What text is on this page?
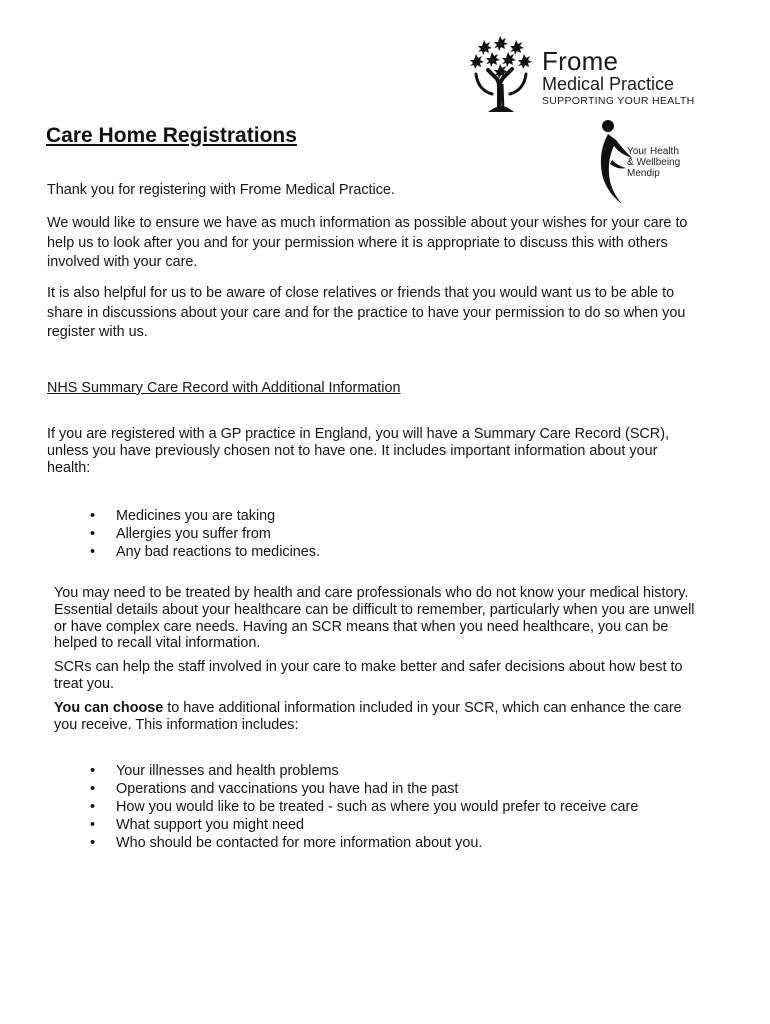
Frome
Medical Practice
SUPPORTING YOUR HEALTH
Your Health
& Wellbeing
Mendip
Care Home Registrations

Thank you for registering with Frome Medical Practice.

We would like to ensure we have as much information as possible about your wishes for your care to help us to look after you and for your permission where it is appropriate to discuss this with others involved with your care.

It is also helpful for us to be aware of close relatives or friends that you would want us to be able to share in discussions about your care and for the practice to have your permission to do so when you register with us.

NHS Summary Care Record with Additional Information

If you are registered with a GP practice in England, you will have a Summary Care Record (SCR), unless you have previously chosen not to have one. It includes important information about your health:

• Medicines you are taking
• Allergies you suffer from
• Any bad reactions to medicines.

You may need to be treated by health and care professionals who do not know your medical history. Essential details about your healthcare can be difficult to remember, particularly when you are unwell or have complex care needs. Having an SCR means that when you need healthcare, you can be helped to recall vital information.

SCRs can help the staff involved in your care to make better and safer decisions about how best to treat you.

You can choose to have additional information included in your SCR, which can enhance the care you receive. This information includes:

• Your illnesses and health problems
• Operations and vaccinations you have had in the past
• How you would like to be treated - such as where you would prefer to receive care
• What support you might need
• Who should be contacted for more information about you.
